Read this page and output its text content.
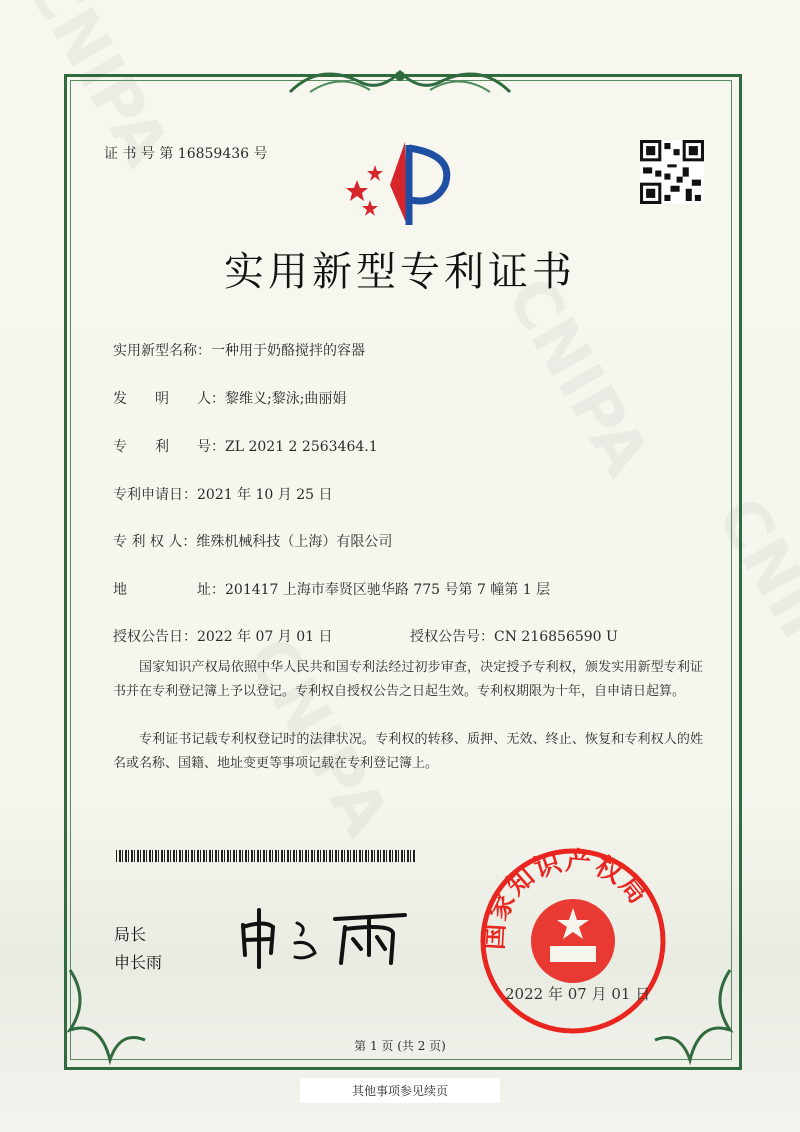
证 书 号 第 16859436 号
实用新型专利证书
实用新型名称：一种用于奶酪搅拌的容器
发　　明　　人：黎维义;黎泳;曲丽娟
专　　利　　号：ZL 2021 2 2563464.1
专利申请日：2021 年 10 月 25 日
专 利 权 人：维殊机械科技（上海）有限公司
地　　　　　址：201417 上海市奉贤区驰华路 775 号第 7 幢第 1 层
授权公告日：2022 年 07 月 01 日	授权公告号：CN 216856590 U
国家知识产权局依照中华人民共和国专利法经过初步审查，决定授予专利权，颁发实用新型专利证书并在专利登记簿上予以登记。专利权自授权公告之日起生效。专利权期限为十年，自申请日起算。
专利证书记载专利权登记时的法律状况。专利权的转移、质押、无效、终止、恢复和专利权人的姓名或名称、国籍、地址变更等事项记载在专利登记簿上。
局长
申长雨
国家知识产权局
2022 年 07 月 01 日
第 1 页 (共 2 页)
其他事项参见续页
